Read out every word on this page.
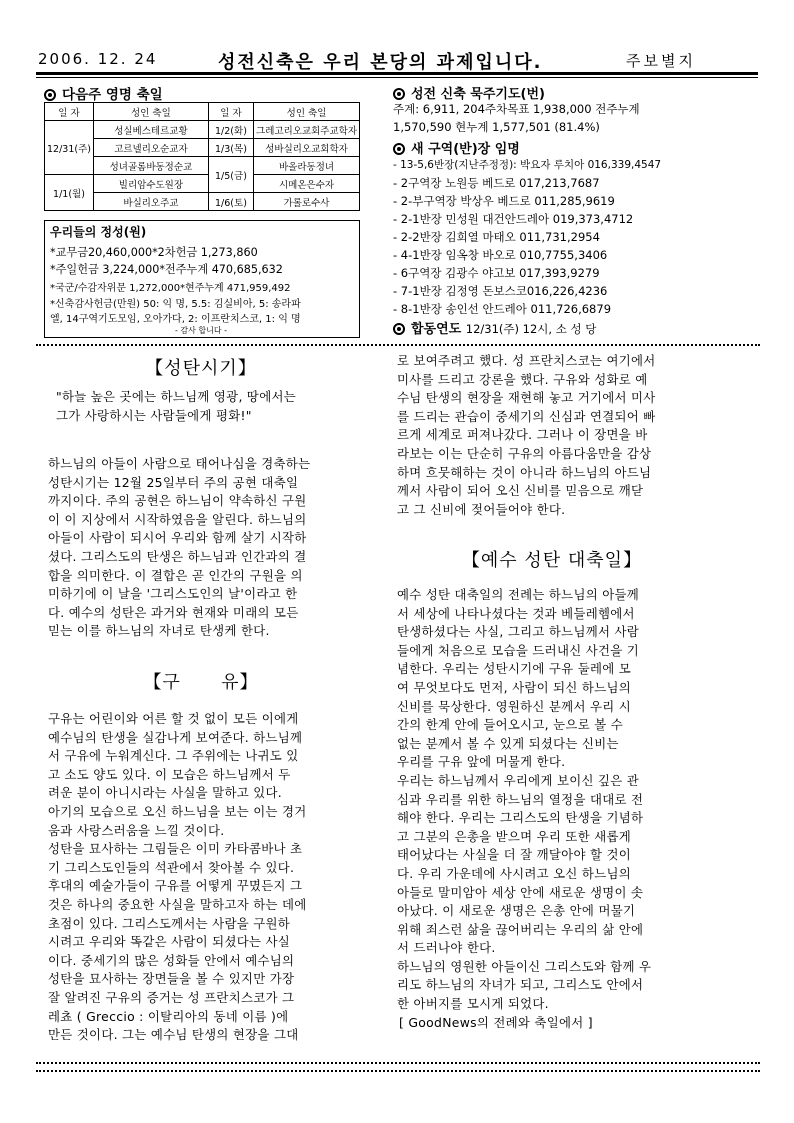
2006. 12. 24	성전신축은 우리 본당의 과제입니다.	주보별지
다음주 영명 축일
일 자	성인 축일	일 자	성인 축일
12/31(주)	성실베스테르교황	1/2(화)	그레고리오교회주교학자
	고르넬리오순교자	1/3(목)	성바실리오교회학자
	성녀골롬바동정순교	1/5(금)	바올라동정녀
1/1(월)	빌리암수도원장		시메온은수자
	바실리오주교	1/6(토)	가롤로수사
우리들의 정성(원)
*교무금20,460,000*2차헌금 1,273,860
*주일헌금 3,224,000*전주누계 470,685,632
*국군/수감자위문 1,272,000*현주누계 471,959,492
*신축감사헌금(만원) 50: 익 명, 5.5: 김실비아, 5: 송라파
엘, 14구역기도모임, 오아가다, 2: 이프란치스코, 1: 익 명
- 감사 합니다 -
성전 신축 묵주기도(번)
주계: 6,911, 204주차목표 1,938,000 전주누계
1,570,590 현누계 1,577,501 (81.4%)
새 구역(반)장 임명
- 13-5,6반장(지난주정정): 박요자 루치아 016,339,4547
- 2구역장 노원등 베드로 017,213,7687
- 2-부구역장 박상우 베드로 011,285,9619
- 2-1반장 민성원 대건안드레아 019,373,4712
- 2-2반장 김희열 마태오 011,731,2954
- 4-1반장 임옥창 바오로 010,7755,3406
- 6구역장 김광수 야고보 017,393,9279
- 7-1반장 김정영 돈보스코016,226,4236
- 8-1반장 송인선 안드레아 011,726,6879
합동연도 12/31(주) 12시, 소 성 당
【성탄시기】

"하늘 높은 곳에는 하느님께 영광, 땅에서는

그가 사랑하시는 사람들에게 평화!"

하느님의 아들이 사람으로 태어나심을 경축하는

성탄시기는 12월 25일부터 주의 공현 대축일

까지이다. 주의 공현은 하느님이 약속하신 구원

이 이 지상에서 시작하였음을 알린다. 하느님의

아들이 사람이 되시어 우리와 함께 살기 시작하

셨다. 그리스도의 탄생은 하느님과 인간과의 결

합을 의미한다. 이 결합은 곧 인간의 구원을 의

미하기에 이 날을 '그리스도인의 날'이라고 한

다. 예수의 성탄은 과거와 현재와 미래의 모든

믿는 이를 하느님의 자녀로 탄생케 한다.

【구      유】

구유는 어린이와 어른 할 것 없이 모든 이에게

예수님의 탄생을 실감나게 보여준다. 하느님께

서 구유에 누워계신다. 그 주위에는 나귀도 있

고 소도 양도 있다. 이 모습은 하느님께서 두

려운 분이 아니시라는 사실을 말하고 있다.

아기의 모습으로 오신 하느님을 보는 이는 경거

움과 사랑스러움을 느낄 것이다.

성탄을 묘사하는 그림들은 이미 카타콤바나 초

기 그리스도인들의 석관에서 찾아볼 수 있다.

후대의 예술가들이 구유를 어떻게 꾸몄든지 그

것은 하나의 중요한 사실을 말하고자 하는 데에

초점이 있다. 그리스도께서는 사람을 구원하

시려고 우리와 똑같은 사람이 되셨다는 사실

이다. 중세기의 많은 성화들 안에서 예수님의

성탄을 묘사하는 장면들을 볼 수 있지만 가장

잘 알려진 구유의 증거는 성 프란치스코가 그

레쵸 ( Greccio : 이탈리아의 동네 이름 )에

만든 것이다. 그는 예수님 탄생의 현장을 그대

로 보여주려고 했다. 성 프란치스코는 여기에서

미사를 드리고 강론을 했다. 구유와 성화로 예

수님 탄생의 현장을 재현해 놓고 거기에서 미사

를 드리는 관습이 중세기의 신심과 연결되어 빠

르게 세계로 퍼져나갔다. 그러나 이 장면을 바

라보는 이는 단순히 구유의 아름다움만을 감상

하며 흐뭇해하는 것이 아니라 하느님의 아드님

께서 사람이 되어 오신 신비를 믿음으로 깨닫

고 그 신비에 젖어들어야 한다.

【예수 성탄 대축일】

예수 성탄 대축일의 전례는 하느님의 아들께

서 세상에 나타나셨다는 것과 베들레헴에서

탄생하셨다는 사실, 그리고 하느님께서 사람

들에게 처음으로 모습을 드러내신 사건을 기

념한다. 우리는 성탄시기에 구유 둘레에 모

여 무엇보다도 먼저, 사람이 되신 하느님의

신비를 묵상한다. 영원하신 분께서 우리 시

간의 한계 안에 들어오시고, 눈으로 볼 수

없는 분께서 볼 수 있게 되셨다는 신비는

우리를 구유 앞에 머물게 한다.

우리는 하느님께서 우리에게 보이신 깊은 관

심과 우리를 위한 하느님의 열정을 대대로 전

해야 한다. 우리는 그리스도의 탄생을 기념하

고 그분의 은총을 받으며 우리 또한 새롭게

태어났다는 사실을 더 잘 깨달아야 할 것이

다. 우리 가운데에 사시려고 오신 하느님의

아들로 말미암아 세상 안에 새로운 생명이 솟

아났다. 이 새로운 생명은 은총 안에 머물기

위해 죄스런 삶을 끊어버리는 우리의 삶 안에

서 드러나야 한다.

하느님의 영원한 아들이신 그리스도와 함께 우

리도 하느님의 자녀가 되고, 그리스도 안에서

한 아버지를 모시게 되었다.

[ GoodNews의 전례와 축일에서 ]
